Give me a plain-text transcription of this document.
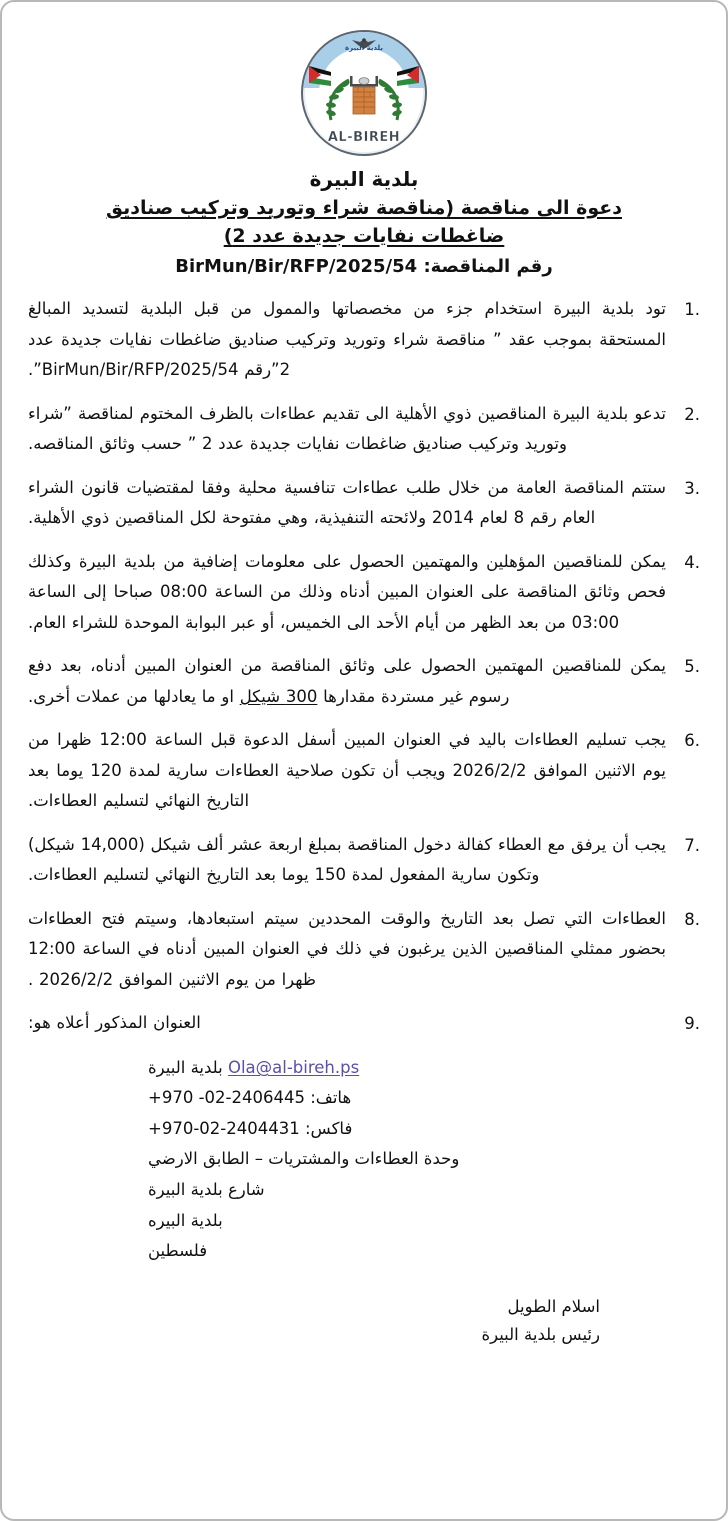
بلدية البيرة
AL-BIREH
بلدية البيرة
دعوة الى مناقصة (مناقصة شراء وتوريد وتركيب صناديق
ضاغطات نفايات جديدة عدد 2)
رقم المناقصة: BirMun/Bir/RFP/2025/54
1.
تود بلدية البيرة استخدام جزء من مخصصاتها والممول من قبل البلدية لتسديد المبالغ المستحقة بموجب عقد ” مناقصة شراء وتوريد وتركيب صناديق ضاغطات نفايات جديدة عدد 2”رقم BirMun/Bir/RFP/2025/54”.
2.
تدعو بلدية البيرة المناقصين ذوي الأهلية الى تقديم عطاءات بالظرف المختوم لمناقصة ”شراء وتوريد وتركيب صناديق ضاغطات نفايات جديدة عدد 2 ” حسب وثائق المناقصه.
3.
ستتم المناقصة العامة من خلال طلب عطاءات تنافسية محلية وفقا لمقتضيات قانون الشراء العام رقم 8 لعام 2014 ولائحته التنفيذية، وهي مفتوحة لكل المناقصين ذوي الأهلية.
4.
يمكن للمناقصين المؤهلين والمهتمين الحصول على معلومات إضافية من بلدية البيرة وكذلك فحص وثائق المناقصة على العنوان المبين أدناه وذلك من الساعة 08:00 صباحا إلى الساعة 03:00 من بعد الظهر من أيام الأحد الى الخميس، أو عبر البوابة الموحدة للشراء العام.
5.
يمكن للمناقصين المهتمين الحصول على وثائق المناقصة من العنوان المبين أدناه، بعد دفع رسوم غير مستردة مقدارها 300 شيكل او ما يعادلها من عملات أخرى.
6.
يجب تسليم العطاءات باليد في العنوان المبين أسفل الدعوة قبل الساعة 12:00 ظهرا من يوم الاثنين الموافق 2026/2/2 ويجب أن تكون صلاحية العطاءات سارية لمدة 120 يوما بعد التاريخ النهائي لتسليم العطاءات.
7.
يجب أن يرفق مع العطاء كفالة دخول المناقصة بمبلغ اربعة عشر ألف شيكل (14,000 شيكل) وتكون سارية المفعول لمدة 150 يوما بعد التاريخ النهائي لتسليم العطاءات.
8.
العطاءات التي تصل بعد التاريخ والوقت المحددين سيتم استبعادها، وسيتم فتح العطاءات بحضور ممثلي المناقصين الذين يرغبون في ذلك في العنوان المبين أدناه في الساعة 12:00 ظهرا من يوم الاثنين الموافق 2026/2/2 .
9.
العنوان المذكور أعلاه هو:
Ola@al-bireh.ps بلدية البيرة
هاتف: +970 -02-2406445
فاكس: +970-02-2404431
وحدة العطاءات والمشتريات – الطابق الارضي
شارع بلدية البيرة
بلدية البيره
فلسطين
اسلام الطويل
رئيس بلدية البيرة
